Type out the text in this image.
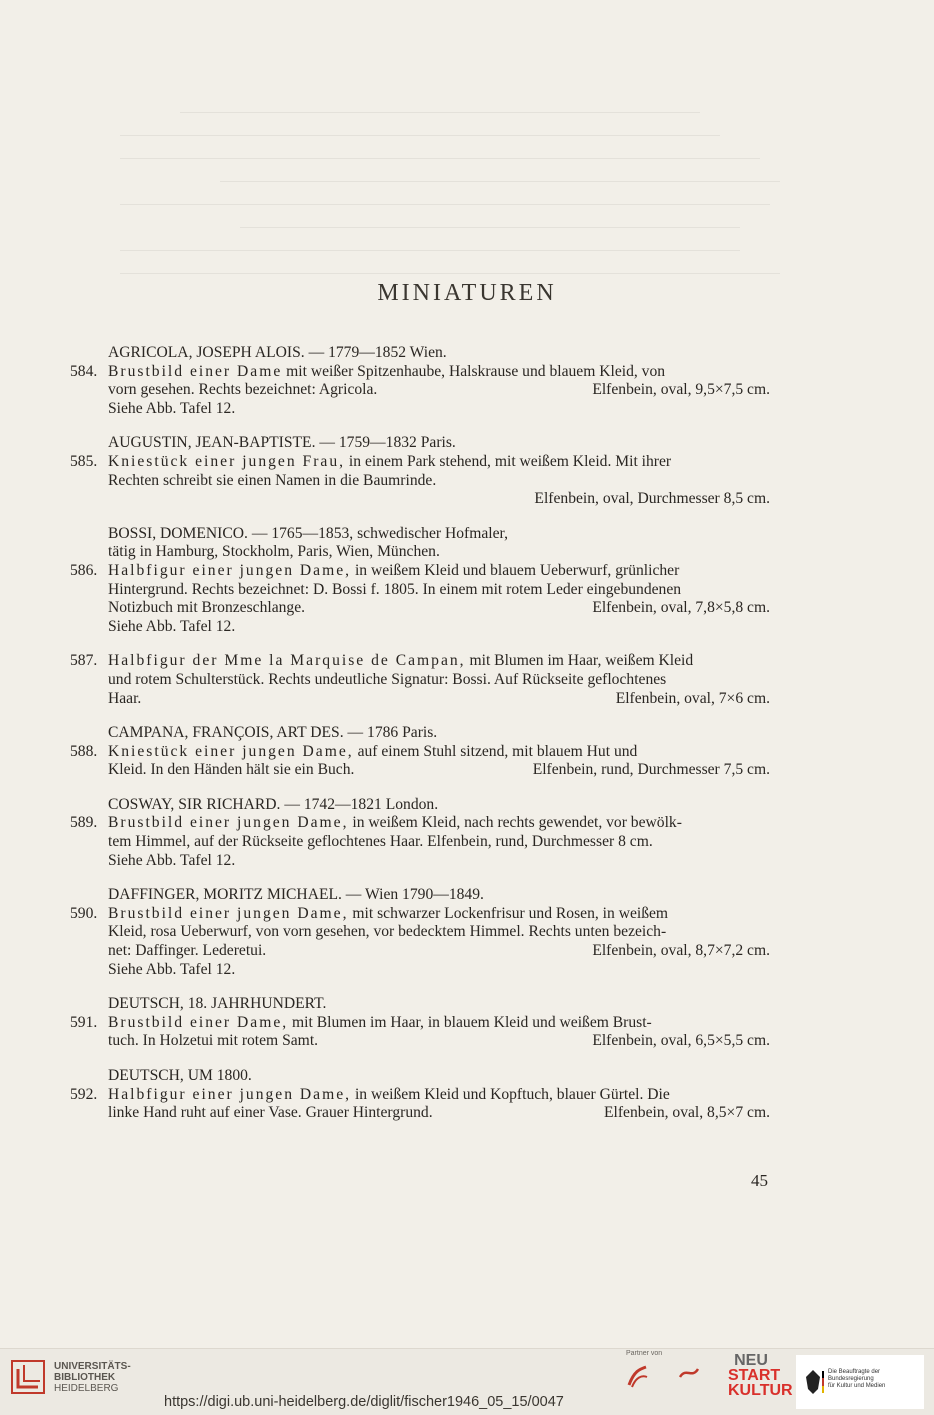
MINIATUREN
AGRICOLA, JOSEPH ALOIS. — 1779—1852 Wien.
584. Brustbild einer Dame mit weißer Spitzenhaube, Halskrause und blauem Kleid, von
vorn gesehen. Rechts bezeichnet: Agricola.	Elfenbein, oval, 9,5×7,5 cm.
Siehe Abb. Tafel 12.
AUGUSTIN, JEAN-BAPTISTE. — 1759—1832 Paris.
585. Kniestück einer jungen Frau, in einem Park stehend, mit weißem Kleid. Mit ihrer
Rechten schreibt sie einen Namen in die Baumrinde.
Elfenbein, oval, Durchmesser 8,5 cm.
BOSSI, DOMENICO. — 1765—1853, schwedischer Hofmaler,
tätig in Hamburg, Stockholm, Paris, Wien, München.
586. Halbfigur einer jungen Dame, in weißem Kleid und blauem Ueberwurf, grünlicher
Hintergrund. Rechts bezeichnet: D. Bossi f. 1805. In einem mit rotem Leder eingebundenen
Notizbuch mit Bronzeschlange.	Elfenbein, oval, 7,8×5,8 cm.
Siehe Abb. Tafel 12.
587. Halbfigur der Mme la Marquise de Campan, mit Blumen im Haar, weißem Kleid
und rotem Schulterstück. Rechts undeutliche Signatur: Bossi. Auf Rückseite geflochtenes
Haar.	Elfenbein, oval, 7×6 cm.
CAMPANA, FRANÇOIS, ART DES. — 1786 Paris.
588. Kniestück einer jungen Dame, auf einem Stuhl sitzend, mit blauem Hut und
Kleid. In den Händen hält sie ein Buch.	Elfenbein, rund, Durchmesser 7,5 cm.
COSWAY, SIR RICHARD. — 1742—1821 London.
589. Brustbild einer jungen Dame, in weißem Kleid, nach rechts gewendet, vor bewölk-
tem Himmel, auf der Rückseite geflochtenes Haar. Elfenbein, rund, Durchmesser 8 cm.
Siehe Abb. Tafel 12.
DAFFINGER, MORITZ MICHAEL. — Wien 1790—1849.
590. Brustbild einer jungen Dame, mit schwarzer Lockenfrisur und Rosen, in weißem
Kleid, rosa Ueberwurf, von vorn gesehen, vor bedecktem Himmel. Rechts unten bezeich-
net: Daffinger. Lederetui.	Elfenbein, oval, 8,7×7,2 cm.
Siehe Abb. Tafel 12.
DEUTSCH, 18. JAHRHUNDERT.
591. Brustbild einer Dame, mit Blumen im Haar, in blauem Kleid und weißem Brust-
tuch. In Holzetui mit rotem Samt.	Elfenbein, oval, 6,5×5,5 cm.
DEUTSCH, UM 1800.
592. Halbfigur einer jungen Dame, in weißem Kleid und Kopftuch, blauer Gürtel. Die
linke Hand ruht auf einer Vase. Grauer Hintergrund.	Elfenbein, oval, 8,5×7 cm.
45
UNIVERSITÄTS-
BIBLIOTHEK
HEIDELBERG
https://digi.ub.uni-heidelberg.de/diglit/fischer1946_05_15/0047
Partner von	NEU
START
KULTUR
Die Beauftragte der Bundesregierung
für Kultur und Medien
